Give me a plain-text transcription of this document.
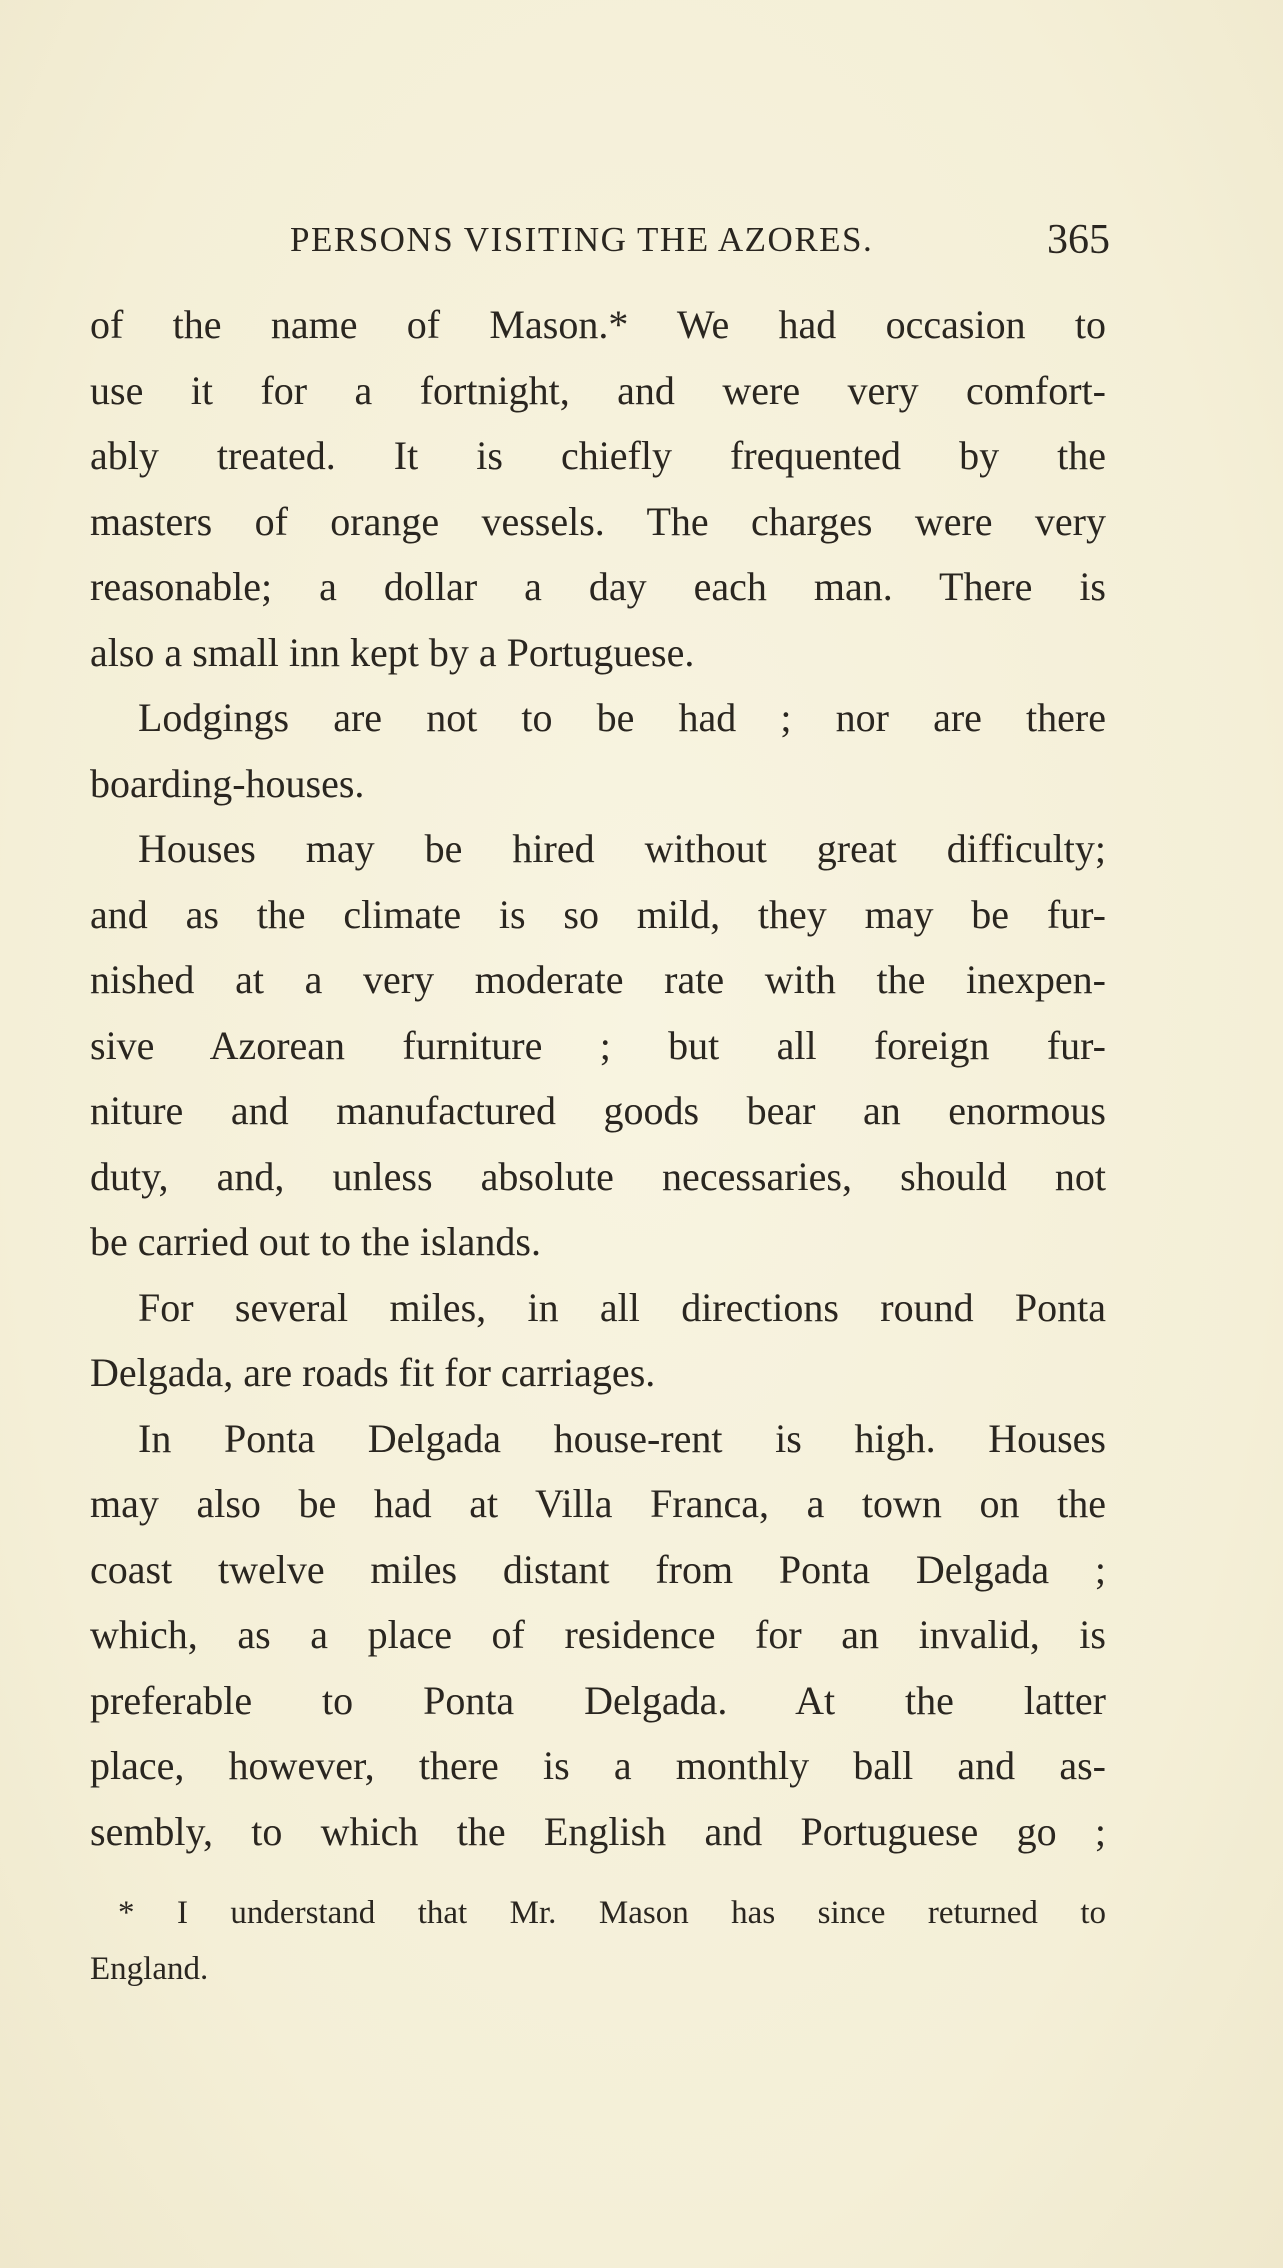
PERSONS VISITING THE AZORES.	365
of the name of Mason.* We had occasion to
use it for a fortnight, and were very comfort-
ably treated. It is chiefly frequented by the
masters of orange vessels. The charges were very
reasonable; a dollar a day each man. There is
also a small inn kept by a Portuguese.
Lodgings are not to be had ; nor are there
boarding-houses.
Houses may be hired without great difficulty;
and as the climate is so mild, they may be fur-
nished at a very moderate rate with the inexpen-
sive Azorean furniture ; but all foreign fur-
niture and manufactured goods bear an enormous
duty, and, unless absolute necessaries, should not
be carried out to the islands.
For several miles, in all directions round Ponta
Delgada, are roads fit for carriages.
In Ponta Delgada house-rent is high. Houses
may also be had at Villa Franca, a town on the
coast twelve miles distant from Ponta Delgada ;
which, as a place of residence for an invalid, is
preferable to Ponta Delgada. At the latter
place, however, there is a monthly ball and as-
sembly, to which the English and Portuguese go ;
* I understand that Mr. Mason has since returned to
England.
